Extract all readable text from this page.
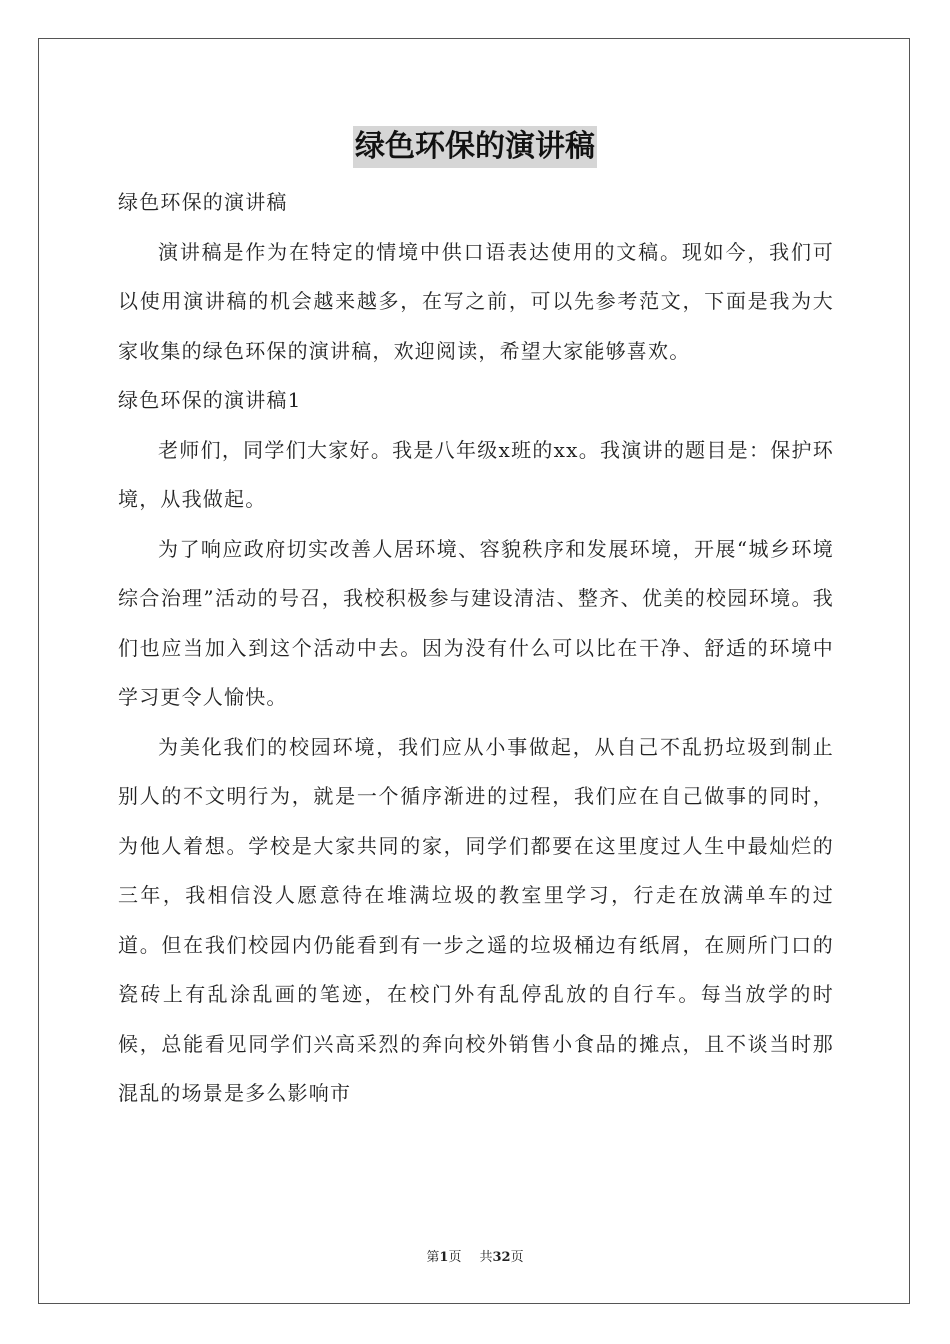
绿色环保的演讲稿

绿色环保的演讲稿

演讲稿是作为在特定的情境中供口语表达使用的文稿。现如今，我们可以使用演讲稿的机会越来越多，在写之前，可以先参考范文，下面是我为大家收集的绿色环保的演讲稿，欢迎阅读，希望大家能够喜欢。

绿色环保的演讲稿1

老师们，同学们大家好。我是八年级x班的xx。我演讲的题目是：保护环境，从我做起。

为了响应政府切实改善人居环境、容貌秩序和发展环境，开展“城乡环境综合治理”活动的号召，我校积极参与建设清洁、整齐、优美的校园环境。我们也应当加入到这个活动中去。因为没有什么可以比在干净、舒适的环境中学习更令人愉快。

为美化我们的校园环境，我们应从小事做起，从自己不乱扔垃圾到制止别人的不文明行为，就是一个循序渐进的过程，我们应在自己做事的同时，为他人着想。学校是大家共同的家，同学们都要在这里度过人生中最灿烂的三年，我相信没人愿意待在堆满垃圾的教室里学习，行走在放满单车的过道。但在我们校园内仍能看到有一步之遥的垃圾桶边有纸屑，在厕所门口的瓷砖上有乱涂乱画的笔迹，在校门外有乱停乱放的自行车。每当放学的时候，总能看见同学们兴高采烈的奔向校外销售小食品的摊点，且不谈当时那混乱的场景是多么影响市

第1页 共32页
